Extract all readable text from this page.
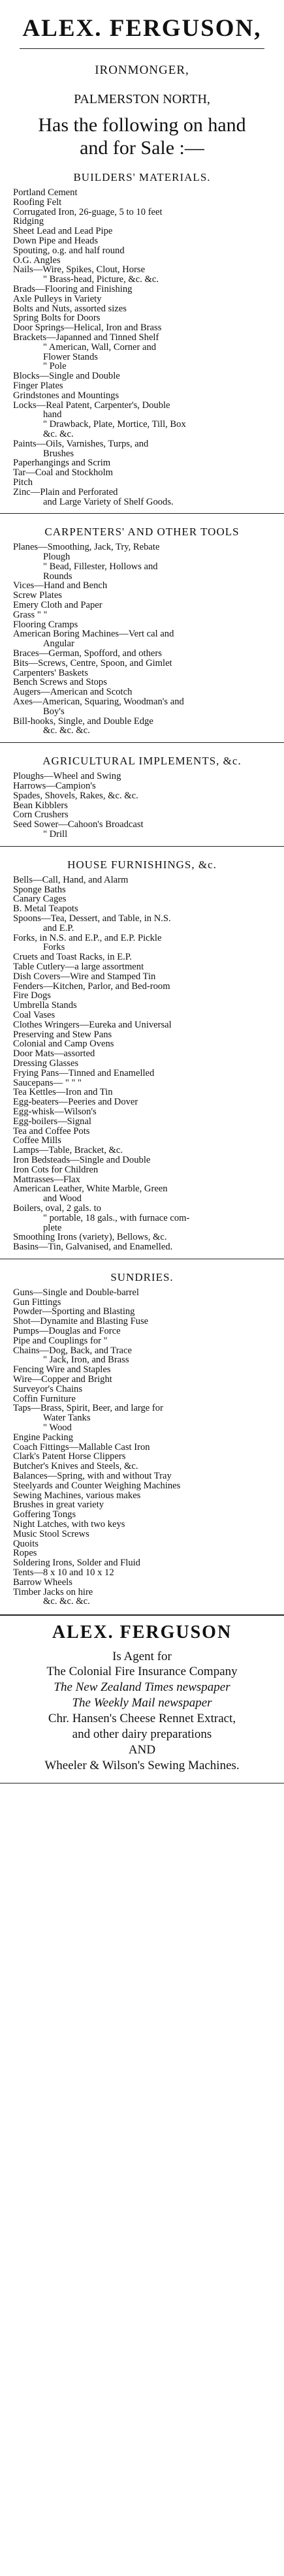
ALEX. FERGUSON,
IRONMONGER,
PALMERSTON NORTH,
Has the following on hand
and for Sale :—
BUILDERS' MATERIALS.
Portland Cement
Roofing Felt
Corrugated Iron, 26-guage, 5 to 10 feet
Ridging
Sheet Lead and Lead Pipe
Down Pipe and Heads
Spouting, o.g. and half round
O.G. Angles
Nails—Wire, Spikes, Clout, Horse
" Brass-head, Picture, &c. &c.
Brads—Flooring and Finishing
Axle Pulleys in Variety
Bolts and Nuts, assorted sizes
Spring Bolts for Doors
Door Springs—Helical, Iron and Brass
Brackets—Japanned and Tinned Shelf
" American, Wall, Corner and
Flower Stands
" Pole
Blocks—Single and Double
Finger Plates
Grindstones and Mountings
Locks—Real Patent, Carpenter's, Double
hand
" Drawback, Plate, Mortice, Till, Box
&c. &c.
Paints—Oils, Varnishes, Turps, and
Brushes
Paperhangings and Scrim
Tar—Coal and Stockholm
Pitch
Zinc—Plain and Perforated
and Large Variety of Shelf Goods.
CARPENTERS' AND OTHER TOOLS
Planes—Smoothing, Jack, Try, Rebate
Plough
" Bead, Fillester, Hollows and
Rounds
Vices—Hand and Bench
Screw Plates
Emery Cloth and Paper
Grass " "
Flooring Cramps
American Boring Machines—Vert cal and
Angular
Braces—German, Spofford, and others
Bits—Screws, Centre, Spoon, and Gimlet
Carpenters' Baskets
Bench Screws and Stops
Augers—American and Scotch
Axes—American, Squaring, Woodman's and
Boy's
Bill-hooks, Single, and Double Edge
&c. &c. &c.
AGRICULTURAL IMPLEMENTS, &c.
Ploughs—Wheel and Swing
Harrows—Campion's
Spades, Shovels, Rakes, &c. &c.
Bean Kibblers
Corn Crushers
Seed Sower—Cahoon's Broadcast
" Drill
HOUSE FURNISHINGS, &c.
Bells—Call, Hand, and Alarm
Sponge Baths
Canary Cages
B. Metal Teapots
Spoons—Tea, Dessert, and Table, in N.S.
and E.P.
Forks, in N.S. and E.P., and E.P. Pickle
Forks
Cruets and Toast Racks, in E.P.
Table Cutlery—a large assortment
Dish Covers—Wire and Stamped Tin
Fenders—Kitchen, Parlor, and Bed-room
Fire Dogs
Umbrella Stands
Coal Vases
Clothes Wringers—Eureka and Universal
Preserving and Stew Pans
Colonial and Camp Ovens
Door Mats—assorted
Dressing Glasses
Frying Pans—Tinned and Enamelled
Saucepans— " " "
Tea Kettles—Iron and Tin
Egg-beaters—Peeries and Dover
Egg-whisk—Wilson's
Egg-boilers—Signal
Tea and Coffee Pots
Coffee Mills
Lamps—Table, Bracket, &c.
Iron Bedsteads—Single and Double
Iron Cots for Children
Mattrasses—Flax
American Leather, White Marble, Green
and Wood
Boilers, oval, 2 gals. to
" portable, 18 gals., with furnace com-
plete
Smoothing Irons (variety), Bellows, &c.
Basins—Tin, Galvanised, and Enamelled.
SUNDRIES.
Guns—Single and Double-barrel
Gun Fittings
Powder—Sporting and Blasting
Shot—Dynamite and Blasting Fuse
Pumps—Douglas and Force
Pipe and Couplings for "
Chains—Dog, Back, and Trace
" Jack, Iron, and Brass
Fencing Wire and Staples
Wire—Copper and Bright
Surveyor's Chains
Coffin Furniture
Taps—Brass, Spirit, Beer, and large for
Water Tanks
" Wood
Engine Packing
Coach Fittings—Mallable Cast Iron
Clark's Patent Horse Clippers
Butcher's Knives and Steels, &c.
Balances—Spring, with and without Tray
Steelyards and Counter Weighing Machines
Sewing Machines, various makes
Brushes in great variety
Goffering Tongs
Night Latches, with two keys
Music Stool Screws
Quoits
Ropes
Soldering Irons, Solder and Fluid
Tents—8 x 10 and 10 x 12
Barrow Wheels
Timber Jacks on hire
&c. &c. &c.
ALEX. FERGUSON
Is Agent for
The Colonial Fire Insurance Company
The New Zealand Times newspaper
The Weekly Mail newspaper
Chr. Hansen's Cheese Rennet Extract,
and other dairy preparations
AND
Wheeler & Wilson's Sewing Machines.
